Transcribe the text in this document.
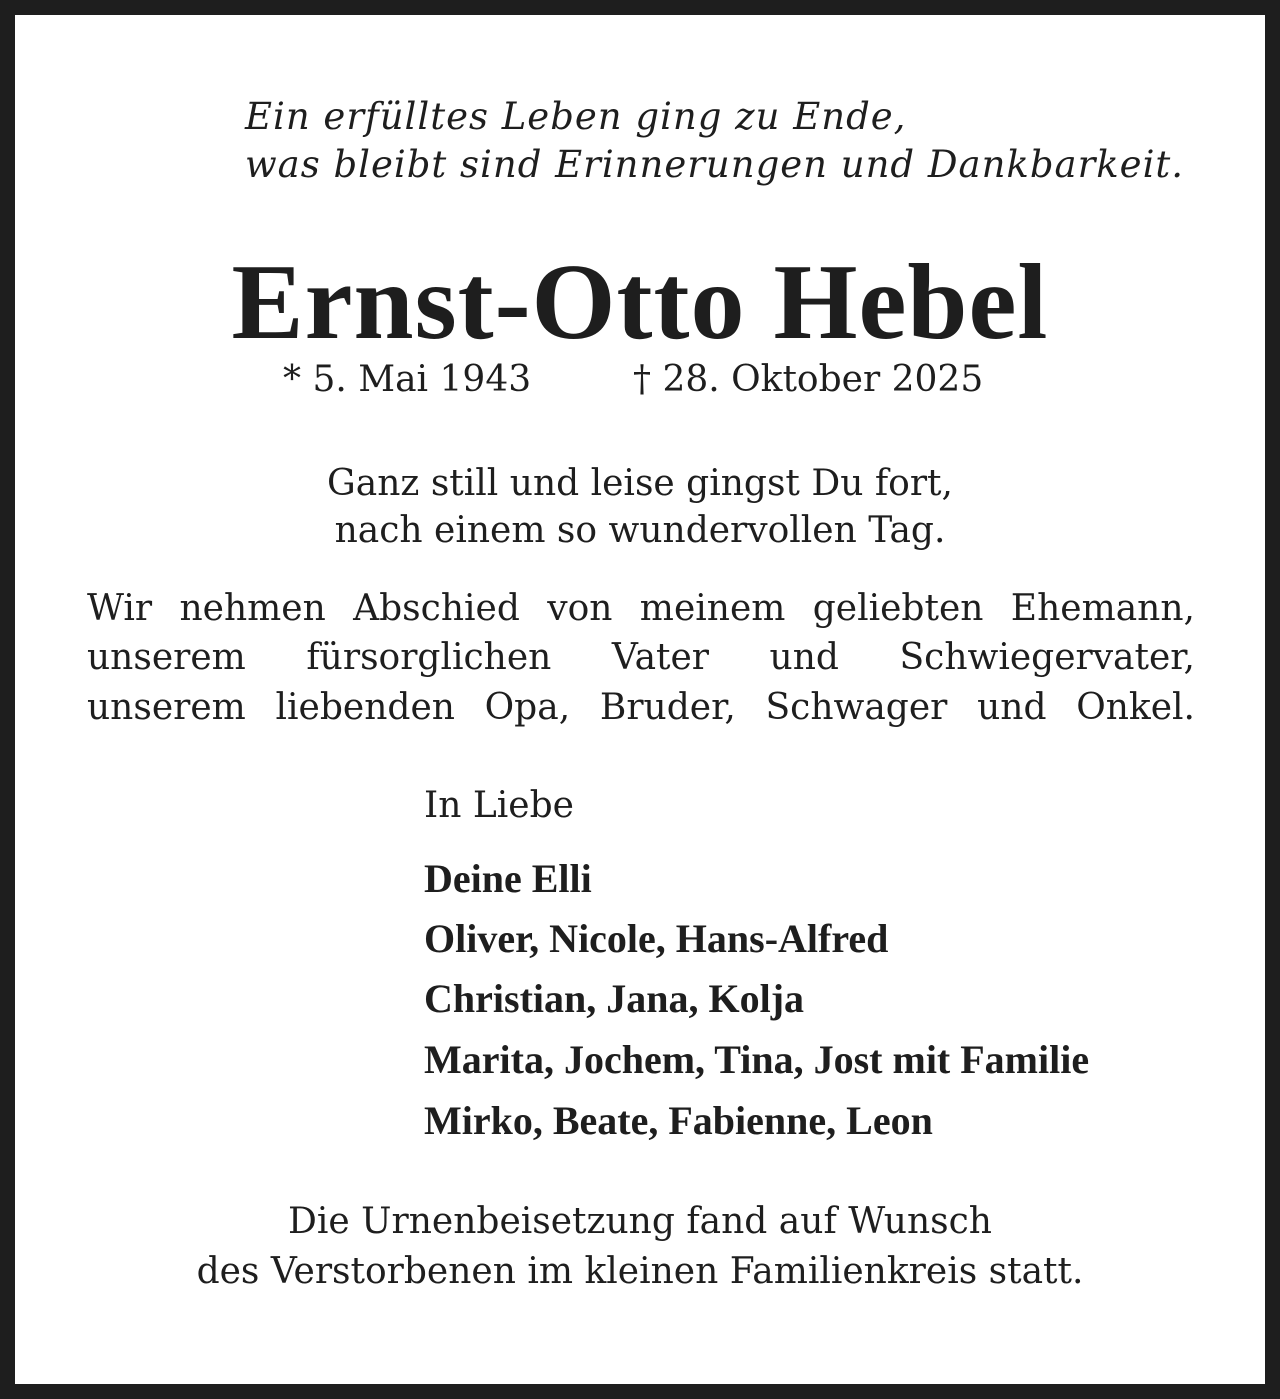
Ein erfülltes Leben ging zu Ende,
was bleibt sind Erinnerungen und Dankbarkeit.
Ernst-Otto Hebel
* 5. Mai 1943	† 28. Oktober 2025
Ganz still und leise gingst Du fort,
nach einem so wundervollen Tag.
Wir nehmen Abschied von meinem geliebten Ehemann,
unserem fürsorglichen Vater und Schwiegervater,
unserem liebenden Opa, Bruder, Schwager und Onkel.
In Liebe
Deine Elli
Oliver, Nicole, Hans-Alfred
Christian, Jana, Kolja
Marita, Jochem, Tina, Jost mit Familie
Mirko, Beate, Fabienne, Leon
Die Urnenbeisetzung fand auf Wunsch
des Verstorbenen im kleinen Familienkreis statt.
